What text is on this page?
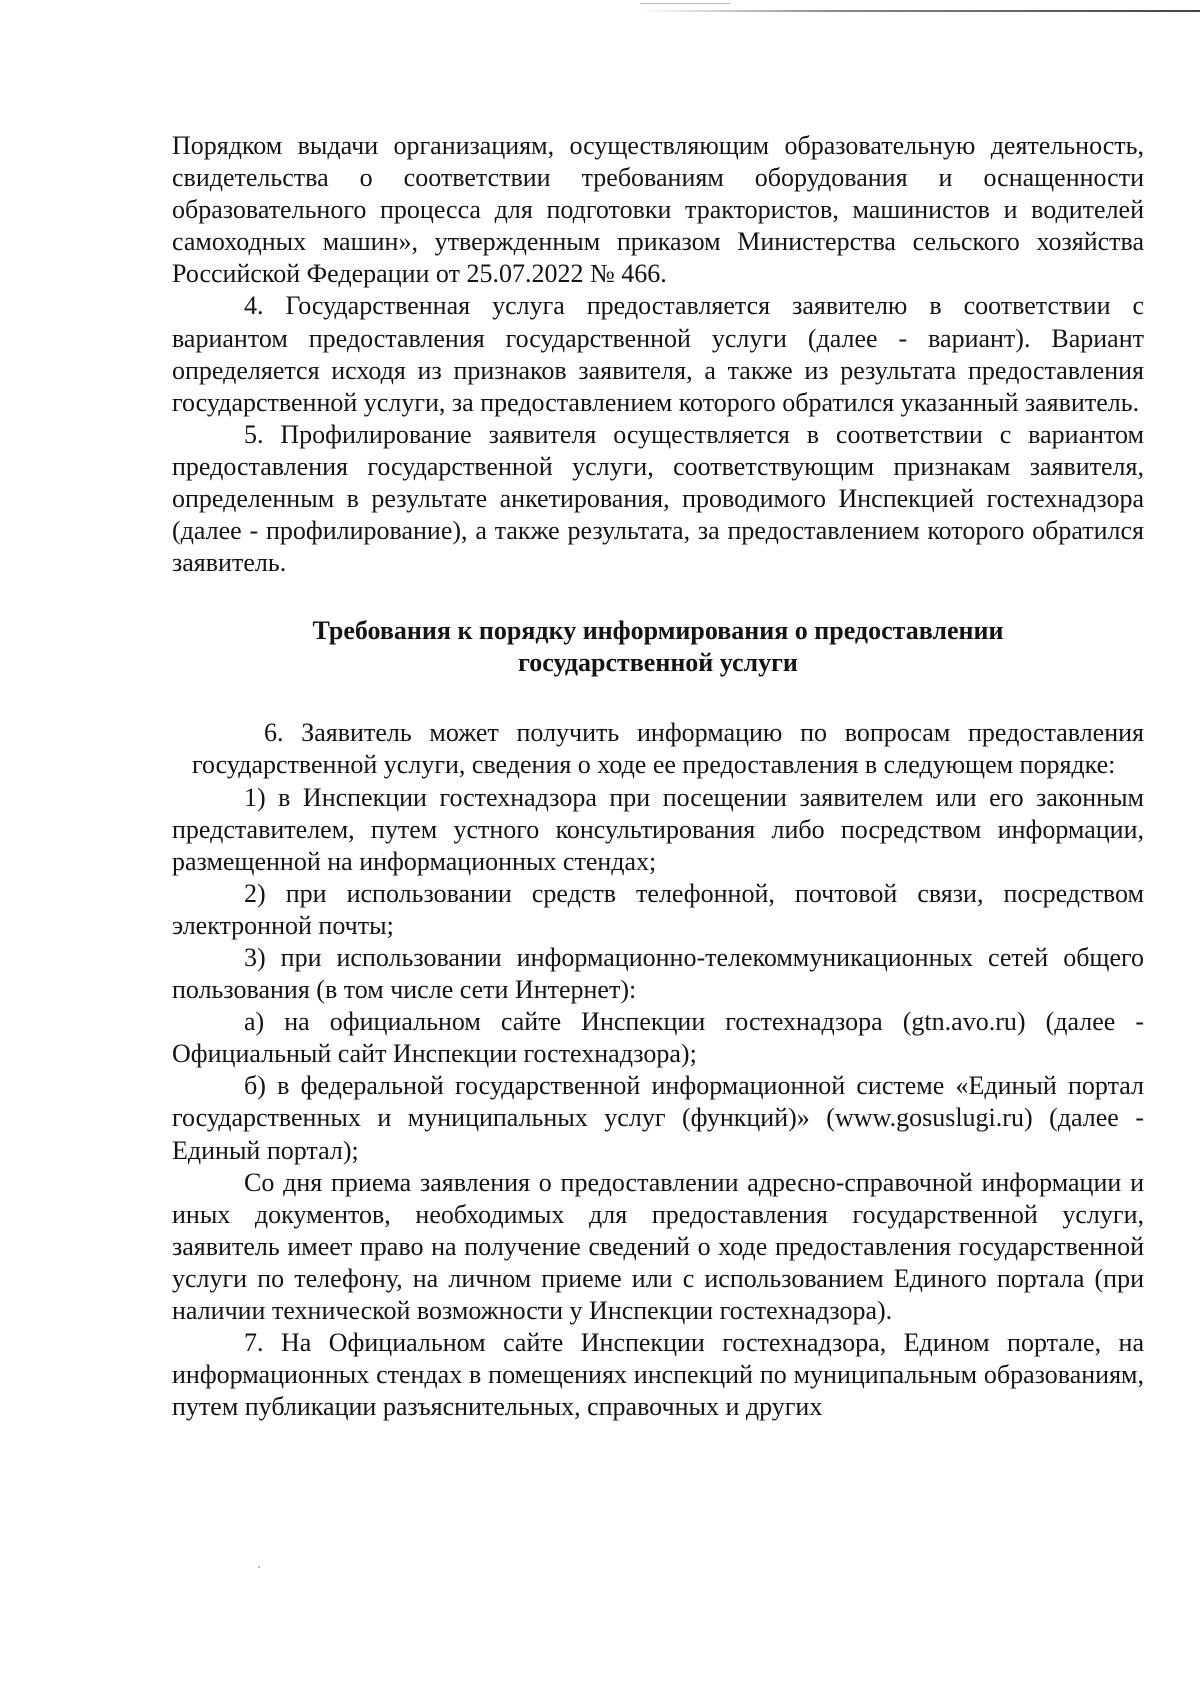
Порядком выдачи организациям, осуществляющим образовательную деятельность, свидетельства о соответствии требованиям оборудования и оснащенности образовательного процесса для подготовки трактористов, машинистов и водителей самоходных машин», утвержденным приказом Министерства сельского хозяйства Российской Федерации от 25.07.2022 № 466.

4. Государственная услуга предоставляется заявителю в соответствии с вариантом предоставления государственной услуги (далее - вариант). Вариант определяется исходя из признаков заявителя, а также из результата предоставления государственной услуги, за предоставлением которого обратился указанный заявитель.

5. Профилирование заявителя осуществляется в соответствии с вариантом предоставления государственной услуги, соответствующим признакам заявителя, определенным в результате анкетирования, проводимого Инспекцией гостехнадзора (далее - профилирование), а также результата, за предоставлением которого обратился заявитель.

Требования к порядку информирования о предоставлении
государственной услуги

6. Заявитель может получить информацию по вопросам предоставления государственной услуги, сведения о ходе ее предоставления в следующем порядке:

1) в Инспекции гостехнадзора при посещении заявителем или его законным представителем, путем устного консультирования либо посредством информации, размещенной на информационных стендах;

2) при использовании средств телефонной, почтовой связи, посредством электронной почты;

3) при использовании информационно-телекоммуникационных сетей общего пользования (в том числе сети Интернет):

а) на официальном сайте Инспекции гостехнадзора (gtn.avo.ru) (далее - Официальный сайт Инспекции гостехнадзора);

б) в федеральной государственной информационной системе «Единый портал государственных и муниципальных услуг (функций)» (www.gosuslugi.ru) (далее - Единый портал);

Со дня приема заявления о предоставлении адресно-справочной информации и иных документов, необходимых для предоставления государственной услуги, заявитель имеет право на получение сведений о ходе предоставления государственной услуги по телефону, на личном приеме или с использованием Единого портала (при наличии технической возможности у Инспекции гостехнадзора).

7. На Официальном сайте Инспекции гостехнадзора, Едином портале, на информационных стендах в помещениях инспекций по муниципальным образованиям, путем публикации разъяснительных, справочных и других
